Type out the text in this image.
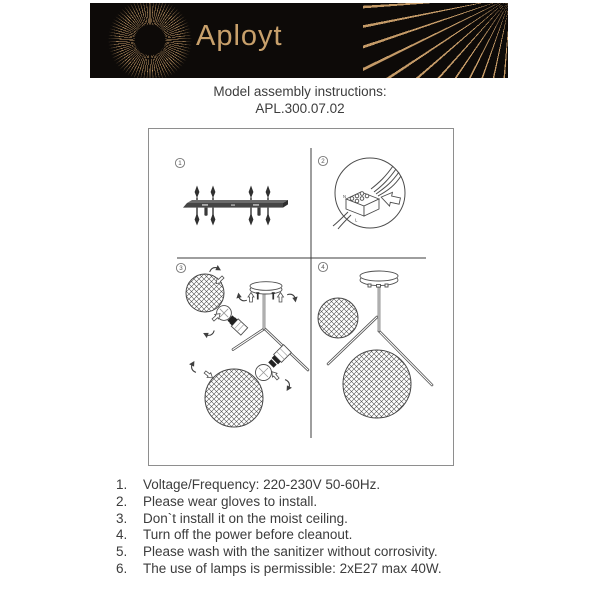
Aployt
Model assembly instructions:
APL.300.07.02
1	2
3	4
N
L
1.	Voltage/Frequency: 220-230V 50-60Hz.
2.	Please wear gloves to install.
3.	Don`t install it on the moist ceiling.
4.	Turn off the power before cleanout.
5.	Please wash with the sanitizer without corrosivity.
6.	The use of lamps is permissible: 2xE27 max 40W.
